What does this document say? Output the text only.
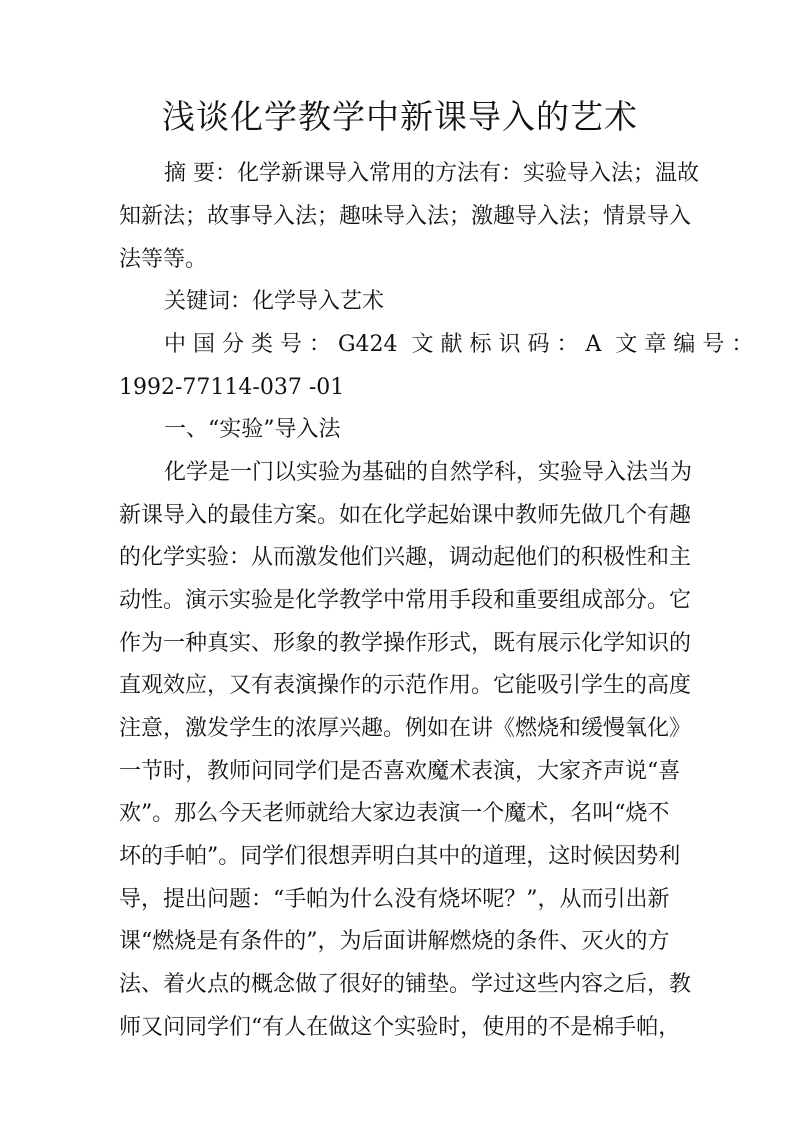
浅谈化学教学中新课导入的艺术
摘 要：化学新课导入常用的方法有：实验导入法；温故
知新法；故事导入法；趣味导入法；激趣导入法；情景导入
法等等。
关键词：化学导入艺术
中 国 分 类 号 ： G424  文 献 标 识 码 ： A  文 章 编 号 ：
1992-77114-037 -01
一、“实验”导入法
化学是一门以实验为基础的自然学科，实验导入法当为
新课导入的最佳方案。如在化学起始课中教师先做几个有趣
的化学实验：从而激发他们兴趣，调动起他们的积极性和主
动性。演示实验是化学教学中常用手段和重要组成部分。它
作为一种真实、形象的教学操作形式，既有展示化学知识的
直观效应，又有表演操作的示范作用。它能吸引学生的高度
注意，激发学生的浓厚兴趣。例如在讲《燃烧和缓慢氧化》
一节时，教师问同学们是否喜欢魔术表演，大家齐声说“喜
欢”。那么今天老师就给大家边表演一个魔术，名叫“烧不
坏的手帕”。同学们很想弄明白其中的道理，这时候因势利
导，提出问题：“手帕为什么没有烧坏呢？”，从而引出新
课“燃烧是有条件的”，为后面讲解燃烧的条件、灭火的方
法、着火点的概念做了很好的铺垫。学过这些内容之后，教
师又问同学们“有人在做这个实验时，使用的不是棉手帕，
